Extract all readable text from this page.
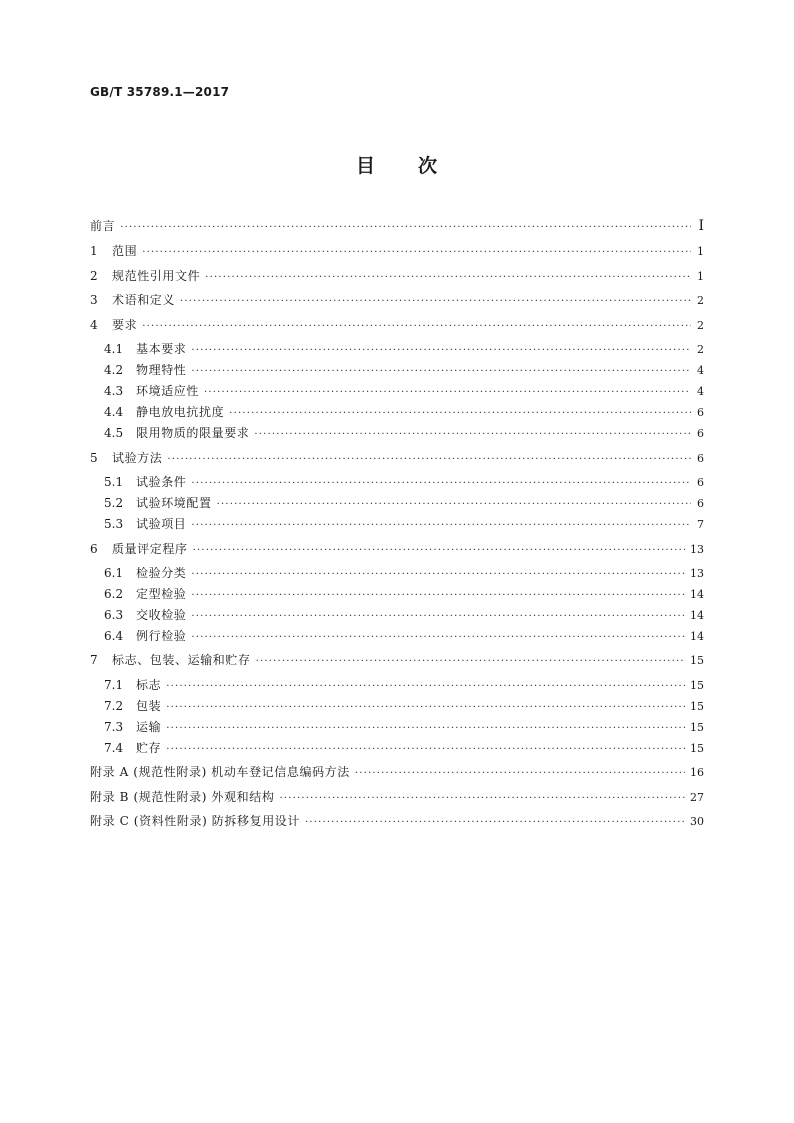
GB/T 35789.1—2017
目 次
前言 ·····	Ⅰ
1	范围 ·····	1
2	规范性引用文件 ·····	1
3	术语和定义 ·····	2
4	要求 ·····	2
4.1 基本要求 ·····	2
4.2 物理特性 ·····	4
4.3 环境适应性 ·····	4
4.4 静电放电抗扰度 ·····	6
4.5 限用物质的限量要求 ·····	6
5	试验方法 ·····	6
5.1 试验条件 ·····	6
5.2 试验环境配置 ·····	6
5.3 试验项目 ·····	7
6	质量评定程序 ·····	13
6.1 检验分类 ·····	13
6.2 定型检验 ·····	14
6.3 交收检验 ·····	14
6.4 例行检验 ·····	14
7	标志、包装、运输和贮存 ·····	15
7.1 标志 ·····	15
7.2 包装 ·····	15
7.3 运输 ·····	15
7.4 贮存 ·····	15
附录 A (规范性附录) 机动车登记信息编码方法 ·····	16
附录 B (规范性附录) 外观和结构 ·····	27
附录 C (资料性附录) 防拆移复用设计 ·····	30
